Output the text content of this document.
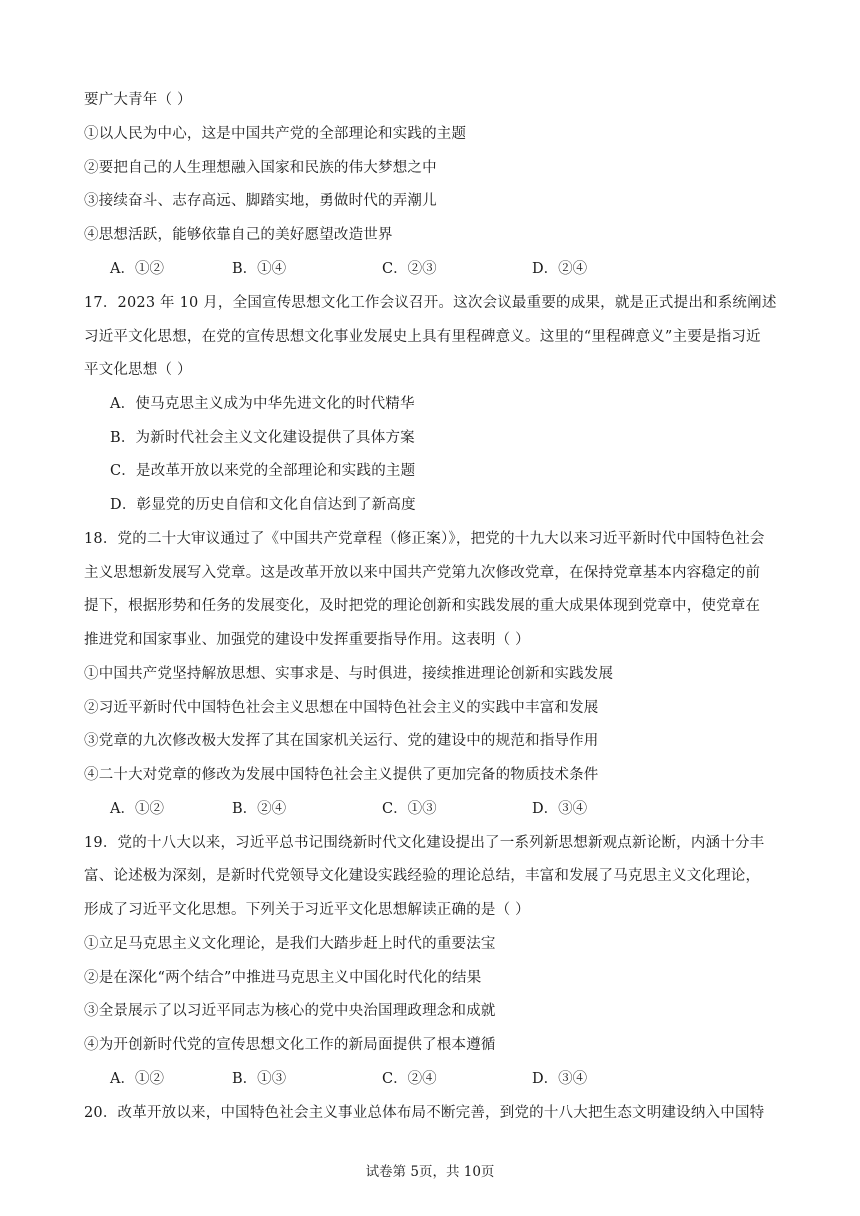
要广大青年（ ）
①以人民为中心，这是中国共产党的全部理论和实践的主题
②要把自己的人生理想融入国家和民族的伟大梦想之中
③接续奋斗、志存高远、脚踏实地，勇做时代的弄潮儿
④思想活跃，能够依靠自己的美好愿望改造世界
A．①②	B．①④	C．②③	D．②④
17．2023 年 10 月，全国宣传思想文化工作会议召开。这次会议最重要的成果，就是正式提出和系统阐述
习近平文化思想，在党的宣传思想文化事业发展史上具有里程碑意义。这里的“里程碑意义”主要是指习近
平文化思想（ ）
A．使马克思主义成为中华先进文化的时代精华
B．为新时代社会主义文化建设提供了具体方案
C．是改革开放以来党的全部理论和实践的主题
D．彰显党的历史自信和文化自信达到了新高度
18．党的二十大审议通过了《中国共产党章程（修正案）》，把党的十九大以来习近平新时代中国特色社会
主义思想新发展写入党章。这是改革开放以来中国共产党第九次修改党章，在保持党章基本内容稳定的前
提下，根据形势和任务的发展变化，及时把党的理论创新和实践发展的重大成果体现到党章中，使党章在
推进党和国家事业、加强党的建设中发挥重要指导作用。这表明（ ）
①中国共产党坚持解放思想、实事求是、与时俱进，接续推进理论创新和实践发展
②习近平新时代中国特色社会主义思想在中国特色社会主义的实践中丰富和发展
③党章的九次修改极大发挥了其在国家机关运行、党的建设中的规范和指导作用
④二十大对党章的修改为发展中国特色社会主义提供了更加完备的物质技术条件
A．①②	B．②④	C．①③	D．③④
19．党的十八大以来，习近平总书记围绕新时代文化建设提出了一系列新思想新观点新论断，内涵十分丰
富、论述极为深刻，是新时代党领导文化建设实践经验的理论总结，丰富和发展了马克思主义文化理论，
形成了习近平文化思想。下列关于习近平文化思想解读正确的是（ ）
①立足马克思主义文化理论，是我们大踏步赶上时代的重要法宝
②是在深化“两个结合”中推进马克思主义中国化时代化的结果
③全景展示了以习近平同志为核心的党中央治国理政理念和成就
④为开创新时代党的宣传思想文化工作的新局面提供了根本遵循
A．①②	B．①③	C．②④	D．③④
20．改革开放以来，中国特色社会主义事业总体布局不断完善，到党的十八大把生态文明建设纳入中国特
试卷第 5页，共 10页
